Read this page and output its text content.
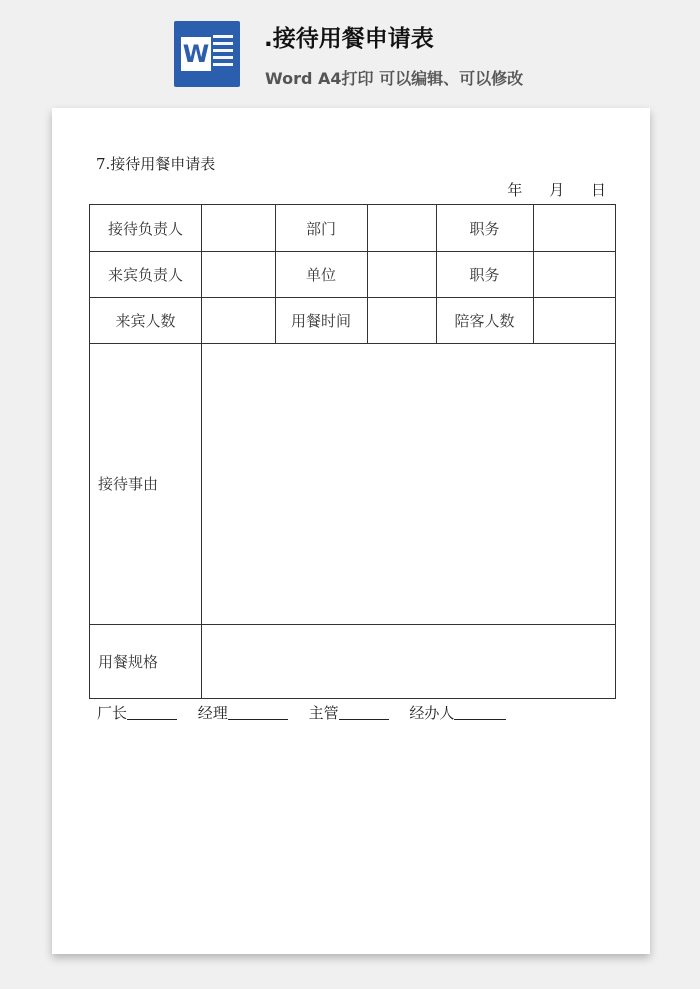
W
.接待用餐申请表
Word A4打印 可以编辑、可以修改
7.接待用餐申请表
年 月 日
接待负责人	部门	职务
来宾负责人	单位	职务
来宾人数	用餐时间	陪客人数
接待事由
用餐规格
厂长	经理	主管	经办人
